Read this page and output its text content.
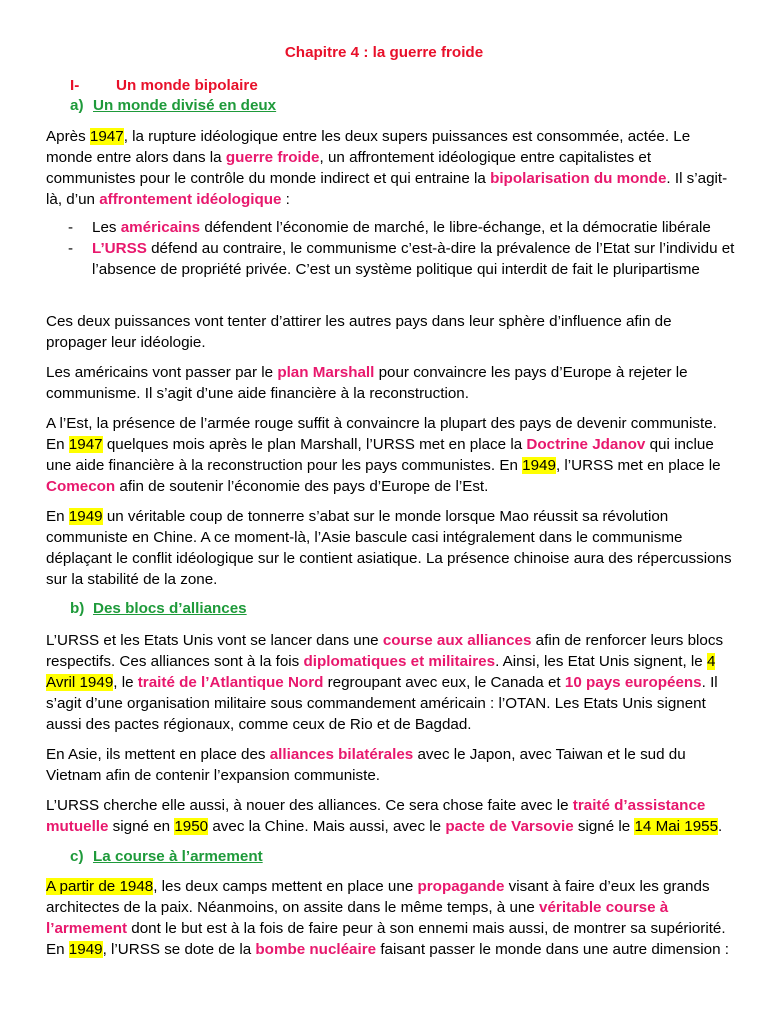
Chapitre 4 : la guerre froide
I- Un monde bipolaire
a) Un monde divisé en deux

Après 1947, la rupture idéologique entre les deux supers puissances est consommée, actée. Le monde entre alors dans la guerre froide, un affrontement idéologique entre capitalistes et communistes pour le contrôle du monde indirect et qui entraine la bipolarisation du monde. Il s’agit-là, d’un affrontement idéologique :

- Les américains défendent l’économie de marché, le libre-échange, et la démocratie libérale
- L’URSS défend au contraire, le communisme c’est-à-dire la prévalence de l’Etat sur l’individu et l’absence de propriété privée. C’est un système politique qui interdit de fait le pluripartisme

Ces deux puissances vont tenter d’attirer les autres pays dans leur sphère d’influence afin de propager leur idéologie.

Les américains vont passer par le plan Marshall pour convaincre les pays d’Europe à rejeter le communisme. Il s’agit d’une aide financière à la reconstruction.

A l’Est, la présence de l’armée rouge suffit à convaincre la plupart des pays de devenir communiste. En 1947 quelques mois après le plan Marshall, l’URSS met en place la Doctrine Jdanov qui inclue une aide financière à la reconstruction pour les pays communistes. En 1949, l’URSS met en place le Comecon afin de soutenir l’économie des pays d’Europe de l’Est.

En 1949 un véritable coup de tonnerre s’abat sur le monde lorsque Mao réussit sa révolution communiste en Chine. A ce moment-là, l’Asie bascule casi intégralement dans le communisme déplaçant le conflit idéologique sur le contient asiatique. La présence chinoise aura des répercussions sur la stabilité de la zone.

b) Des blocs d’alliances

L’URSS et les Etats Unis vont se lancer dans une course aux alliances afin de renforcer leurs blocs respectifs. Ces alliances sont à la fois diplomatiques et militaires. Ainsi, les Etat Unis signent, le 4 Avril 1949, le traité de l’Atlantique Nord regroupant avec eux, le Canada et 10 pays européens. Il s’agit d’une organisation militaire sous commandement américain : l’OTAN. Les Etats Unis signent aussi des pactes régionaux, comme ceux de Rio et de Bagdad.

En Asie, ils mettent en place des alliances bilatérales avec le Japon, avec Taiwan et le sud du Vietnam afin de contenir l’expansion communiste.

L’URSS cherche elle aussi, à nouer des alliances. Ce sera chose faite avec le traité d’assistance mutuelle signé en 1950 avec la Chine. Mais aussi, avec le pacte de Varsovie signé le 14 Mai 1955.

c) La course à l’armement

A partir de 1948, les deux camps mettent en place une propagande visant à faire d’eux les grands architectes de la paix. Néanmoins, on assite dans le même temps, à une véritable course à l’armement dont le but est à la fois de faire peur à son ennemi mais aussi, de montrer sa supériorité. En 1949, l’URSS se dote de la bombe nucléaire faisant passer le monde dans une autre dimension :
